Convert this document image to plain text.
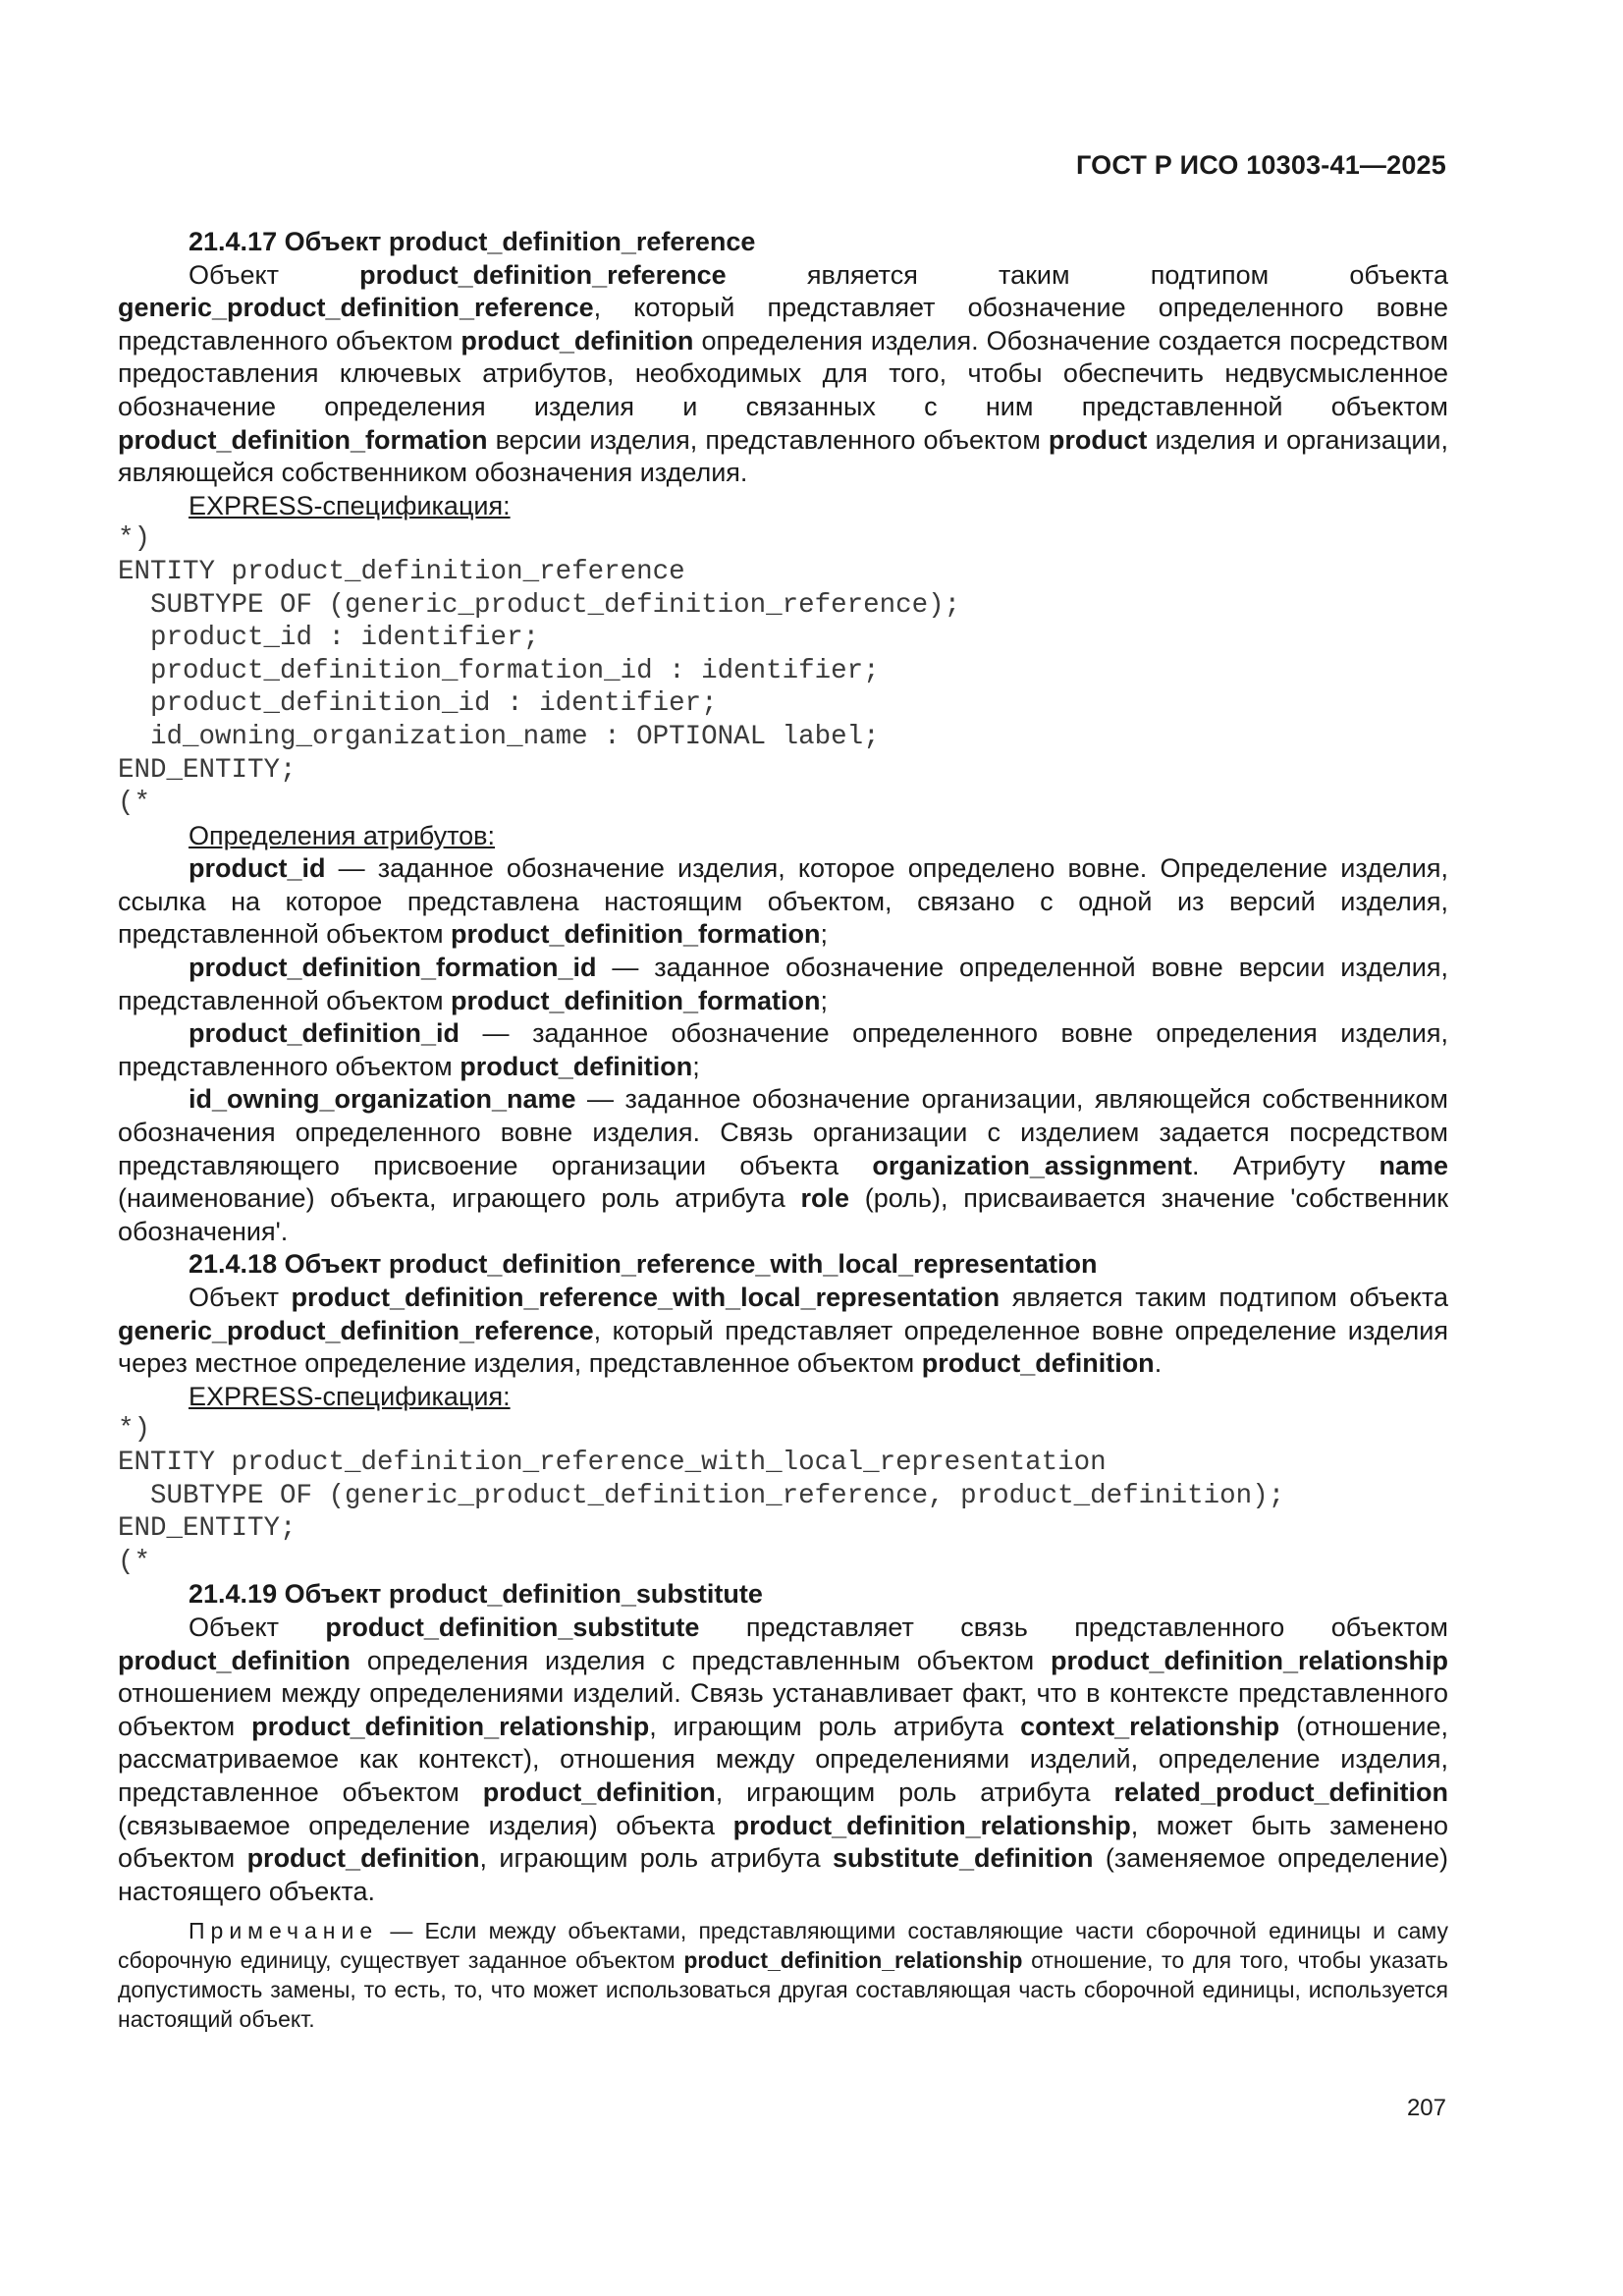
ГОСТ Р ИСО 10303-41—2025
21.4.17 Объект product_definition_reference

Объект product_definition_reference является таким подтипом объекта generic_product_definition_reference, который представляет обозначение определенного вовне представленного объектом product_definition определения изделия. Обозначение создается посредством предоставления ключевых атрибутов, необходимых для того, чтобы обеспечить недвусмысленное обозначение определения изделия и связанных с ним представленной объектом product_definition_formation версии изделия, представленного объектом product изделия и организации, являющейся собственником обозначения изделия.

EXPRESS-спецификация:
*)
ENTITY product_definition_reference
SUBTYPE OF (generic_product_definition_reference);
product_id : identifier;
product_definition_formation_id : identifier;
product_definition_id : identifier;
id_owning_organization_name : OPTIONAL label;
END_ENTITY;
(*
Определения атрибутов:

product_id — заданное обозначение изделия, которое определено вовне. Определение изделия, ссылка на которое представлена настоящим объектом, связано с одной из версий изделия, представленной объектом product_definition_formation;

product_definition_formation_id — заданное обозначение определенной вовне версии изделия, представленной объектом product_definition_formation;

product_definition_id — заданное обозначение определенного вовне определения изделия, представленного объектом product_definition;

id_owning_organization_name — заданное обозначение организации, являющейся собственником обозначения определенного вовне изделия. Связь организации с изделием задается посредством представляющего присвоение организации объекта organization_assignment. Атрибуту name (наименование) объекта, играющего роль атрибута role (роль), присваивается значение 'собственник обозначения'.

21.4.18 Объект product_definition_reference_with_local_representation

Объект product_definition_reference_with_local_representation является таким подтипом объекта generic_product_definition_reference, который представляет определенное вовне определение изделия через местное определение изделия, представленное объектом product_definition.

EXPRESS-спецификация:
*)
ENTITY product_definition_reference_with_local_representation
SUBTYPE OF (generic_product_definition_reference, product_definition);
END_ENTITY;
(*
21.4.19 Объект product_definition_substitute

Объект product_definition_substitute представляет связь представленного объектом product_definition определения изделия с представленным объектом product_definition_relationship отношением между определениями изделий. Связь устанавливает факт, что в контексте представленного объектом product_definition_relationship, играющим роль атрибута context_relationship (отношение, рассматриваемое как контекст), отношения между определениями изделий, определение изделия, представленное объектом product_definition, играющим роль атрибута related_product_definition (связываемое определение изделия) объекта product_definition_relationship, может быть заменено объектом product_definition, играющим роль атрибута substitute_definition (заменяемое определение) настоящего объекта.

Примечание — Если между объектами, представляющими составляющие части сборочной единицы и саму сборочную единицу, существует заданное объектом product_definition_relationship отношение, то для того, чтобы указать допустимость замены, то есть, то, что может использоваться другая составляющая часть сборочной единицы, используется настоящий объект.

207
